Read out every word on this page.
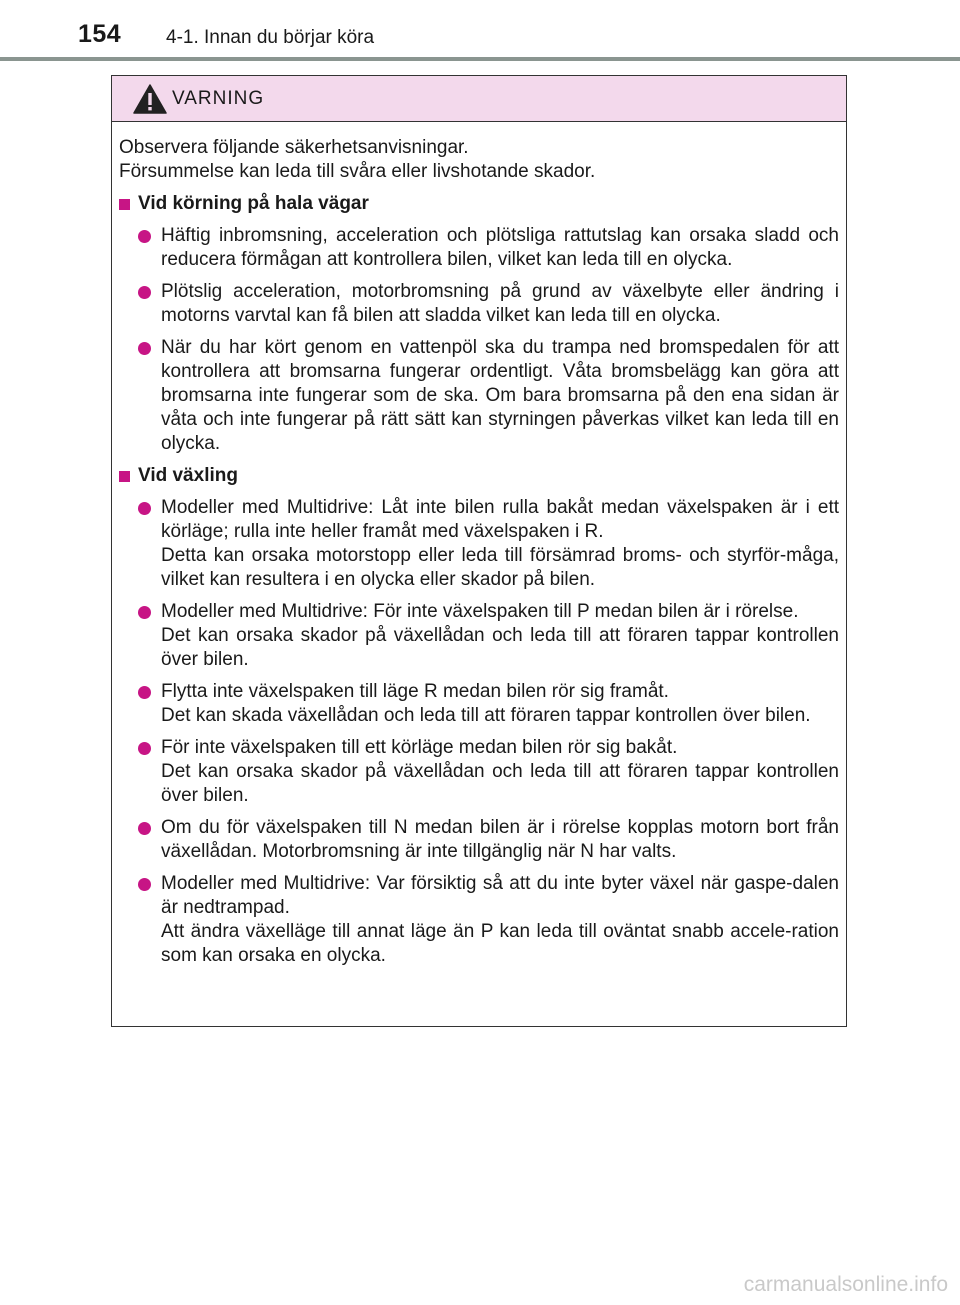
154 4-1. Innan du börjar köra
VARNING
Observera följande säkerhetsanvisningar.
Försummelse kan leda till svåra eller livshotande skador.
Vid körning på hala vägar

Häftig inbromsning, acceleration och plötsliga rattutslag kan orsaka sladd och reducera förmågan att kontrollera bilen, vilket kan leda till en olycka.

Plötslig acceleration, motorbromsning på grund av växelbyte eller ändring i motorns varvtal kan få bilen att sladda vilket kan leda till en olycka.

När du har kört genom en vattenpöl ska du trampa ned bromspedalen för att kontrollera att bromsarna fungerar ordentligt. Våta bromsbelägg kan göra att bromsarna inte fungerar som de ska. Om bara bromsarna på den ena sidan är våta och inte fungerar på rätt sätt kan styrningen påverkas vilket kan leda till en olycka.

Vid växling

Modeller med Multidrive: Låt inte bilen rulla bakåt medan växelspaken är i ett körläge; rulla inte heller framåt med växelspaken i R.

Detta kan orsaka motorstopp eller leda till försämrad broms- och styrför-måga, vilket kan resultera i en olycka eller skador på bilen.

Modeller med Multidrive: För inte växelspaken till P medan bilen är i rörelse.

Det kan orsaka skador på växellådan och leda till att föraren tappar kontrollen över bilen.

Flytta inte växelspaken till läge R medan bilen rör sig framåt.

Det kan skada växellådan och leda till att föraren tappar kontrollen över bilen.

För inte växelspaken till ett körläge medan bilen rör sig bakåt.

Det kan orsaka skador på växellådan och leda till att föraren tappar kontrollen över bilen.

Om du för växelspaken till N medan bilen är i rörelse kopplas motorn bort från växellådan. Motorbromsning är inte tillgänglig när N har valts.

Modeller med Multidrive: Var försiktig så att du inte byter växel när gaspe-dalen är nedtrampad.

Att ändra växelläge till annat läge än P kan leda till oväntat snabb accele-ration som kan orsaka en olycka.

carmanualsonline.info
